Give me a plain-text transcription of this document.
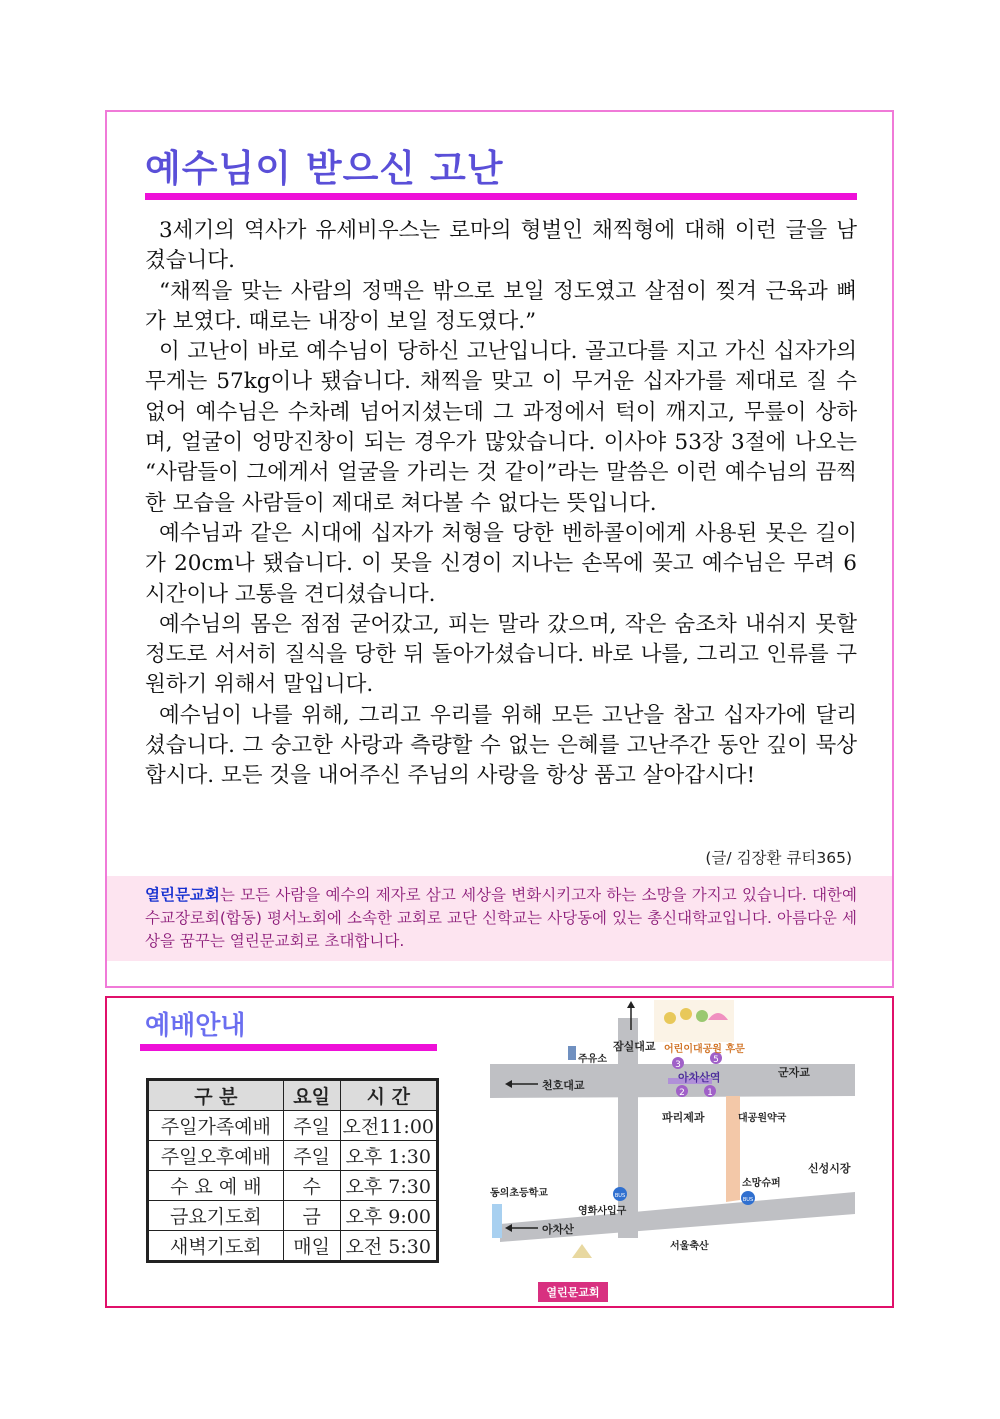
예수님이 받으신 고난

3세기의 역사가 유세비우스는 로마의 형벌인 채찍형에 대해 이런 글을 남겼습니다.

“채찍을 맞는 사람의 정맥은 밖으로 보일 정도였고 살점이 찢겨 근육과 뼈가 보였다. 때로는 내장이 보일 정도였다.”

이 고난이 바로 예수님이 당하신 고난입니다. 골고다를 지고 가신 십자가의 무게는 57kg이나 됐습니다. 채찍을 맞고 이 무거운 십자가를 제대로 질 수 없어 예수님은 수차례 넘어지셨는데 그 과정에서 턱이 깨지고, 무릎이 상하며, 얼굴이 엉망진창이 되는 경우가 많았습니다. 이사야 53장 3절에 나오는 “사람들이 그에게서 얼굴을 가리는 것 같이”라는 말씀은 이런 예수님의 끔찍한 모습을 사람들이 제대로 쳐다볼 수 없다는 뜻입니다.

예수님과 같은 시대에 십자가 처형을 당한 벤하콜이에게 사용된 못은 길이가 20cm나 됐습니다. 이 못을 신경이 지나는 손목에 꽂고 예수님은 무려 6시간이나 고통을 견디셨습니다.

예수님의 몸은 점점 굳어갔고, 피는 말라 갔으며, 작은 숨조차 내쉬지 못할 정도로 서서히 질식을 당한 뒤 돌아가셨습니다. 바로 나를, 그리고 인류를 구원하기 위해서 말입니다.

예수님이 나를 위해, 그리고 우리를 위해 모든 고난을 참고 십자가에 달리셨습니다. 그 숭고한 사랑과 측량할 수 없는 은혜를 고난주간 동안 깊이 묵상합시다. 모든 것을 내어주신 주님의 사랑을 항상 품고 살아갑시다!

(글/ 김장환 큐티365)
열린문교회는 모든 사람을 예수의 제자로 삼고 세상을 변화시키고자 하는 소망을 가지고 있습니다. 대한예수교장로회(합동) 평서노회에 소속한 교회로 교단 신학교는 사당동에 있는 총신대학교입니다. 아름다운 세상을 꿈꾸는 열린문교회로 초대합니다.
예배안내
구 분	요일	시 간
주일가족예배	주일	오전11:00
주일오후예배	주일	오후 1:30
수 요 예 배	수	오후 7:30
금요기도회	금	오후 9:00
새벽기도회	매일	오전 5:30
3	5
2 1
BUS
BUS
잠실대교 어린이대공원 후문
주유소
천호대교
아차산역	군자교
파리제과	대공원약국
신성시장
소망슈퍼
동의초등학교
영화사입구
아차산
서울축산
열린문교회
